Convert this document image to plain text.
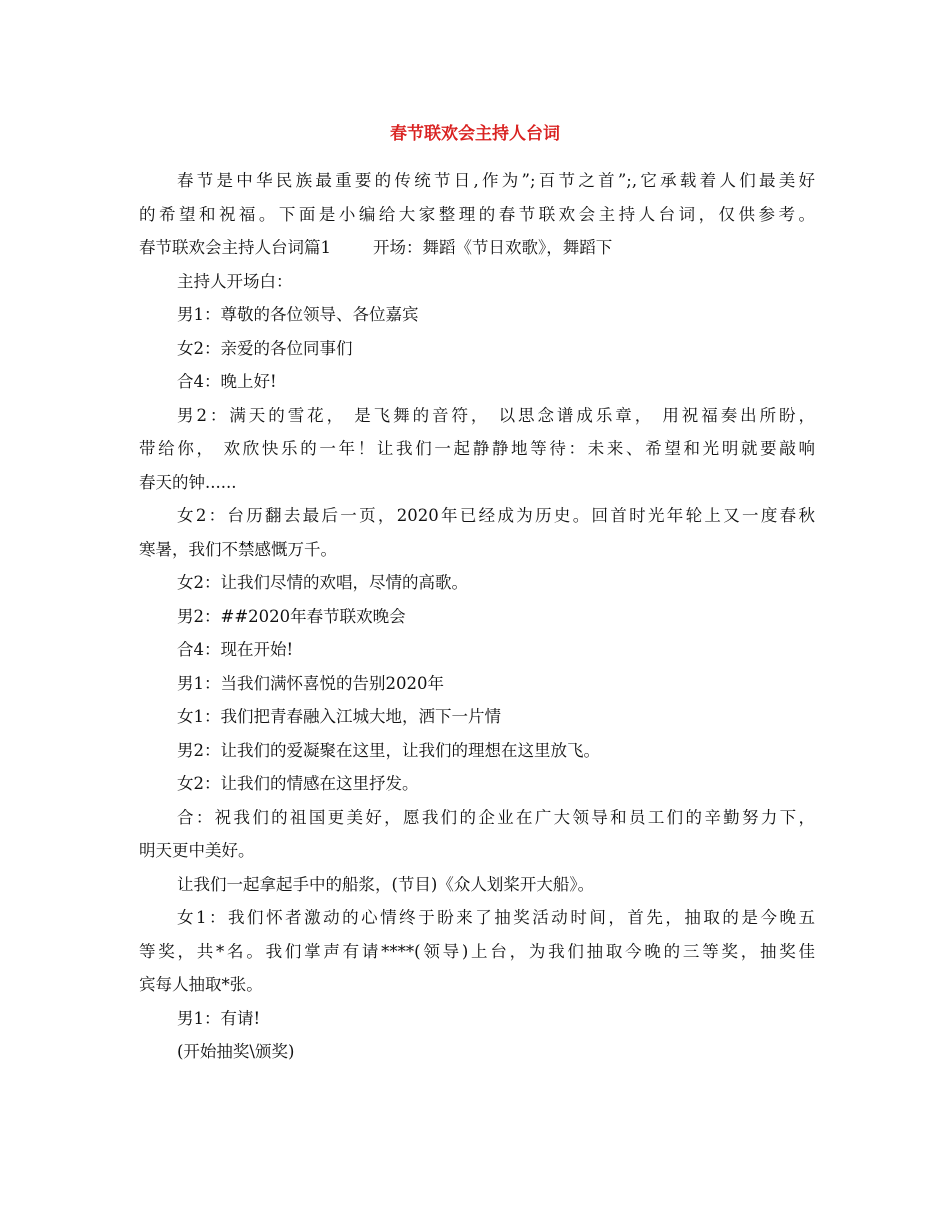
春节联欢会主持人台词
春节是中华民族最重要的传统节日,作为”;百节之首”;,它承载着人们最美好
的希望和祝福。下面是小编给大家整理的春节联欢会主持人台词，仅供参考。
春节联欢会主持人台词篇1	开场：舞蹈《节日欢歌》，舞蹈下
主持人开场白：
男1：尊敬的各位领导、各位嘉宾
女2：亲爱的各位同事们
合4：晚上好!
男2：满天的雪花， 是飞舞的音符， 以思念谱成乐章， 用祝福奏出所盼，
带给你， 欢欣快乐的一年！让我们一起静静地等待：未来、希望和光明就要敲响
春天的钟......
女2：台历翻去最后一页，2020年已经成为历史。回首时光年轮上又一度春秋
寒暑，我们不禁感慨万千。
女2：让我们尽情的欢唱，尽情的高歌。
男2：##2020年春节联欢晚会
合4：现在开始!
男1：当我们满怀喜悦的告别2020年
女1：我们把青春融入江城大地，洒下一片情
男2：让我们的爱凝聚在这里，让我们的理想在这里放飞。
女2：让我们的情感在这里抒发。
合：祝我们的祖国更美好，愿我们的企业在广大领导和员工们的辛勤努力下，
明天更中美好。
让我们一起拿起手中的船浆，(节目)《众人划桨开大船》。
女1：我们怀者激动的心情终于盼来了抽奖活动时间，首先，抽取的是今晚五
等奖，共*名。我们掌声有请****(领导)上台，为我们抽取今晚的三等奖，抽奖佳
宾每人抽取*张。
男1：有请!
(开始抽奖\颁奖)
